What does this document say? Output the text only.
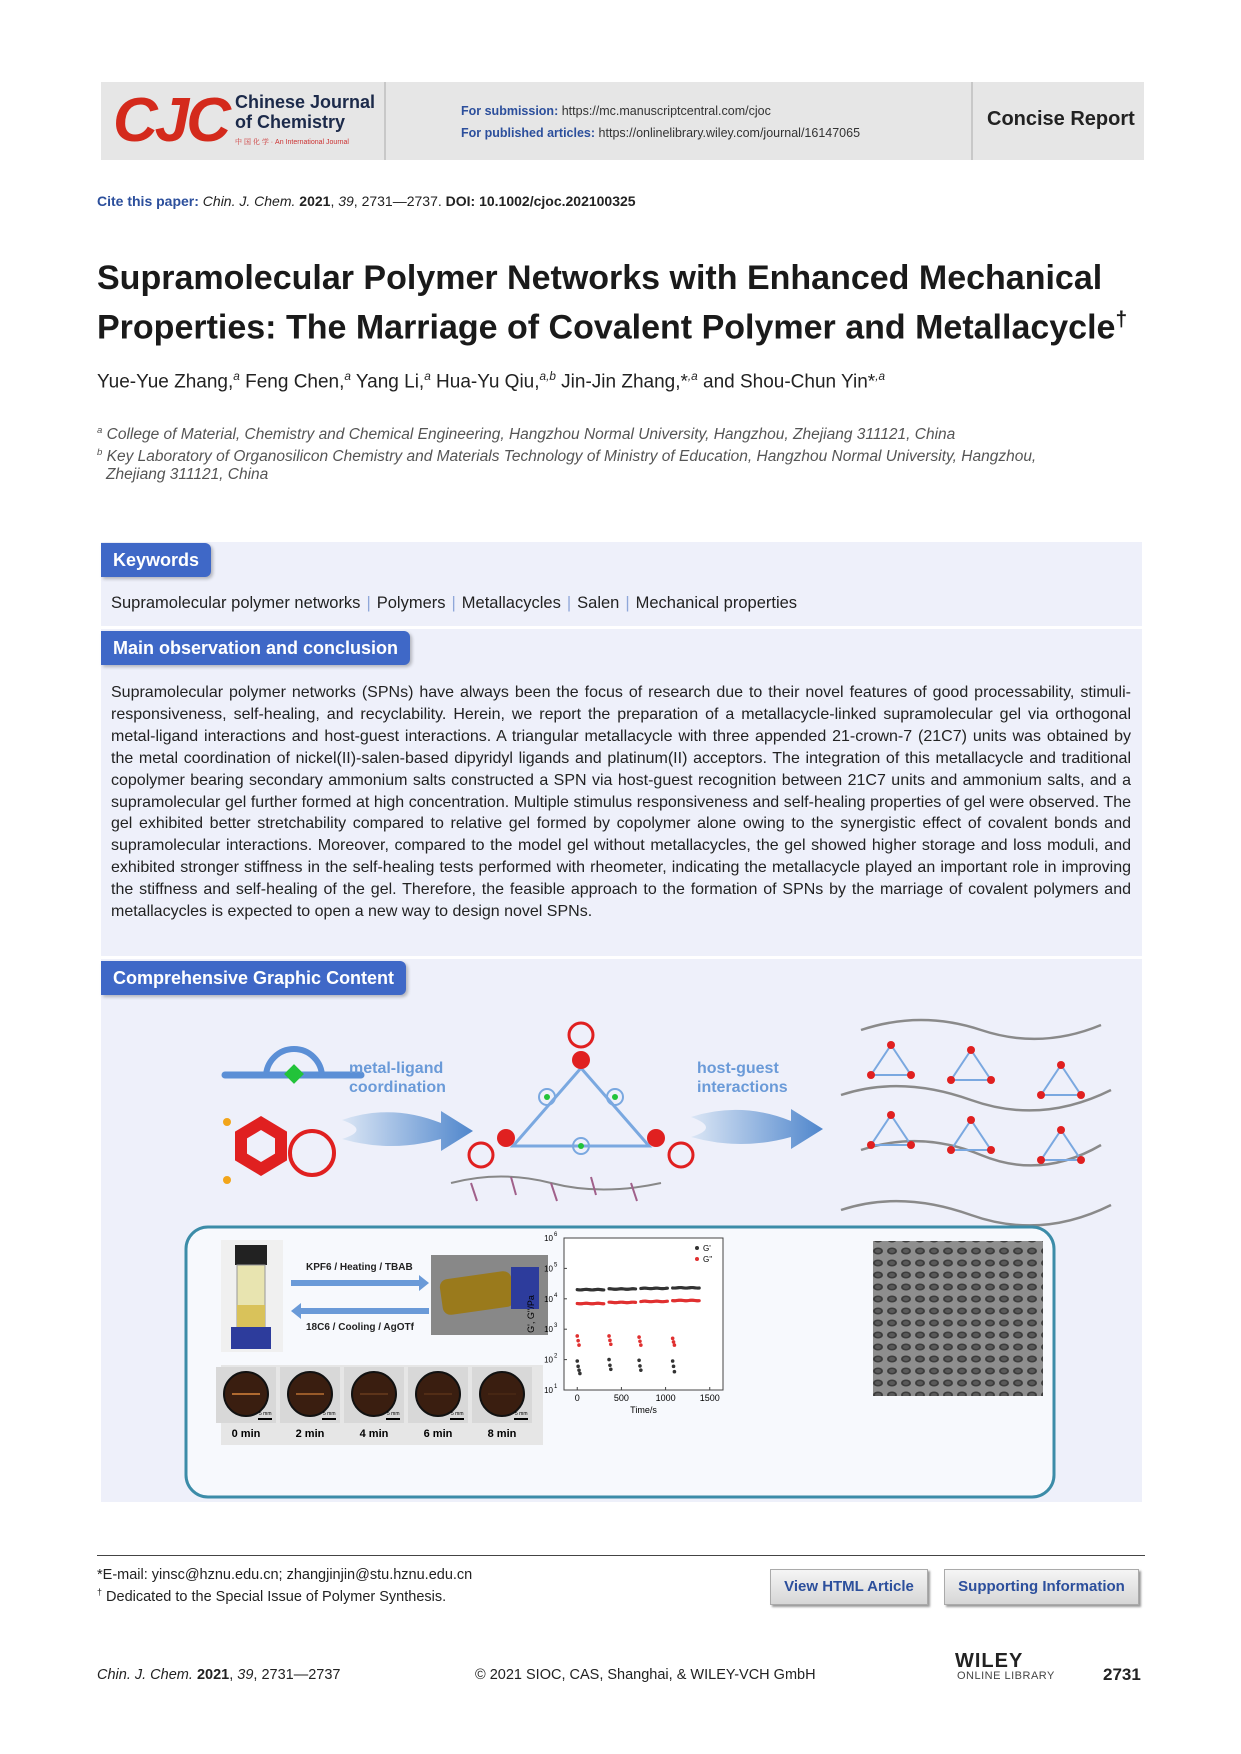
CJC Chinese Journal
of Chemistry
中 国 化 学 · An International Journal
For submission: https://mc.manuscriptcentral.com/cjoc
For published articles: https://onlinelibrary.wiley.com/journal/16147065
Concise Report
Cite this paper: Chin. J. Chem. 2021, 39, 2731—2737. DOI: 10.1002/cjoc.202100325
Supramolecular Polymer Networks with Enhanced Mechanical
Properties: The Marriage of Covalent Polymer and Metallacycle†
Yue-Yue Zhang,$^a$ Feng Chen,$^a$ Yang Li,$^a$ Hua-Yu Qiu,$^{a,b}$ Jin-Jin Zhang,*$^{,a}$ and Shou-Chun Yin*$^{,a}$
$^a$ College of Material, Chemistry and Chemical Engineering, Hangzhou Normal University, Hangzhou, Zhejiang 311121, China
$^b$ Key Laboratory of Organosilicon Chemistry and Materials Technology of Ministry of Education, Hangzhou Normal University, Hangzhou,
Zhejiang 311121, China
Keywords
Supramolecular polymer networks | Polymers | Metallacycles | Salen | Mechanical properties
Main observation and conclusion
Supramolecular polymer networks (SPNs) have always been the focus of research due to their novel features of good processability, stimuli-responsiveness, self-healing, and recyclability. Herein, we report the preparation of a metallacycle-linked supramolecular gel via orthogonal metal-ligand interactions and host-guest interactions. A triangular metallacycle with three appended 21-crown-7 (21C7) units was obtained by the metal coordination of nickel(II)-salen-based dipyridyl ligands and platinum(II) acceptors. The integration of this metallacycle and traditional copolymer bearing secondary ammonium salts constructed a SPN via host-guest recognition between 21C7 units and ammonium salts, and a supramolecular gel further formed at high concentration. Multiple stimulus responsiveness and self-healing properties of gel were observed. The gel exhibited better stretchability compared to relative gel formed by copolymer alone owing to the synergistic effect of covalent bonds and supramolecular interactions. Moreover, compared to the model gel without metallacycles, the gel showed higher storage and loss moduli, and exhibited stronger stiffness in the self-healing tests performed with rheometer, indicating the metallacycle played an important role in improving the stiffness and self-healing of the gel. Therefore, the feasible approach to the formation of SPNs by the marriage of covalent polymers and metallacycles is expected to open a new way to design novel SPNs.
Comprehensive Graphic Content
metal-ligand
coordination
host-guest
interactions
KPF6 / Heating / TBAB
18C6 / Cooling / AgOTf
5 mm
0 min
5 mm
2 min
5 mm
4 min
5 mm
6 min
5 mm
8 min
0	500	1000	1500
10 1
10 2
10 3
10 4
10 5
10 6
Time/s
G', G''/Pa
G'
G''
*E-mail: yinsc@hznu.edu.cn; zhangjinjin@stu.hznu.edu.cn
† Dedicated to the Special Issue of Polymer Synthesis.
View HTML Article	Supporting Information
Chin. J. Chem. 2021, 39, 2731—2737	© 2021 SIOC, CAS, Shanghai, & WILEY-VCH GmbH
WILEY
ONLINE LIBRARY	2731
